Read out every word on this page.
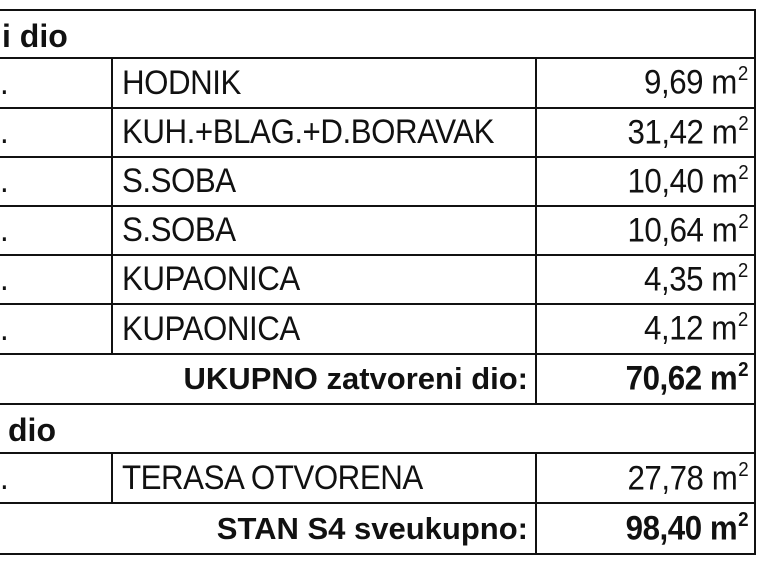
i dio
.	HODNIK	9,69 $m^2$
.	KUH.+BLAG.+D.BORAVAK	31,42 $m^2$
.	S.SOBA	10,40 $m^2$
.	S.SOBA	10,64 $m^2$
.	KUPAONICA	4,35 $m^2$
.	KUPAONICA	4,12 $m^2$
UKUPNO zatvoreni dio:	70,62 $m^2$
dio
.	TERASA OTVORENA	27,78 $m^2$
STAN S4 sveukupno:	98,40 $m^2$
